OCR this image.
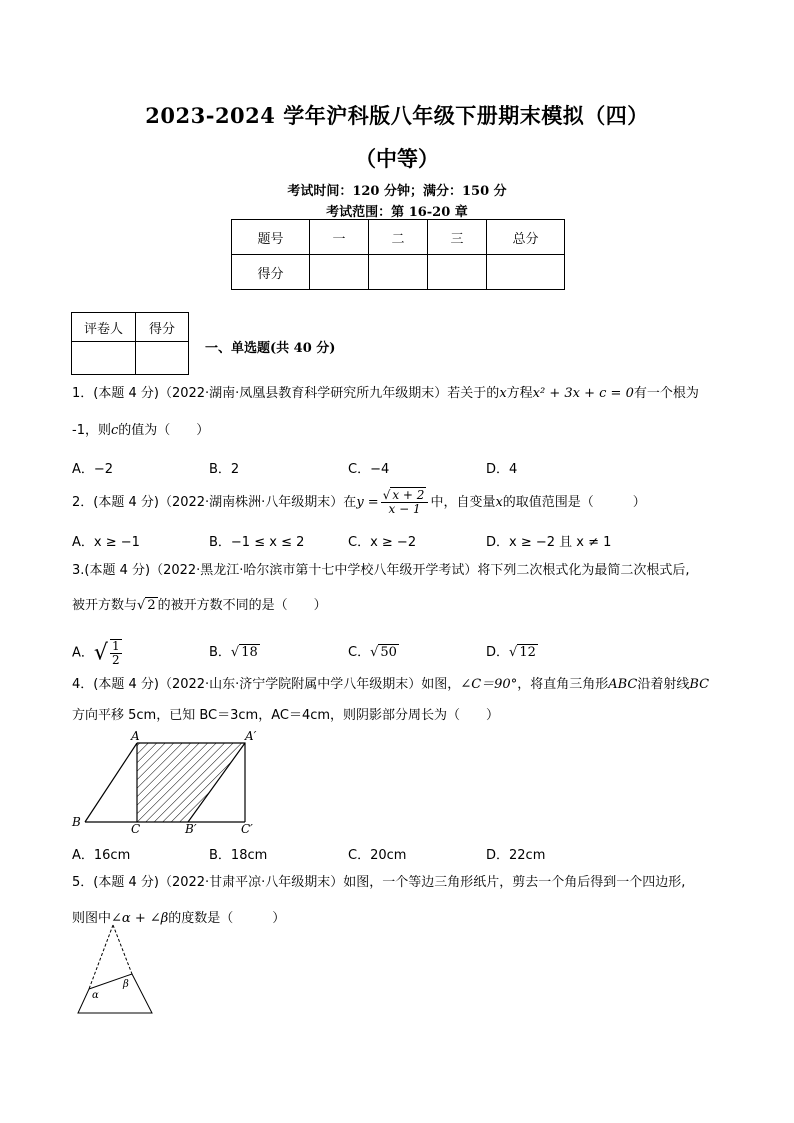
2023-2024 学年沪科版八年级下册期末模拟（四）
（中等）
考试时间：120 分钟；满分：150 分
考试范围：第 16-20 章
题号	一	二	三	总分
得分				
评卷人	得分

一、单选题(共 40 分)
1．(本题 4 分)（2022·湖南·凤凰县教育科学研究所九年级期末）若关于的x方程x² + 3x + c = 0有一个根为
-1，则c的值为（　　）
A．−2	B．2	C．−4	D．4
2．(本题 4 分)（2022·湖南株洲·八年级期末）在$y = \frac{√ x + 2}{x - 1}$ 中，自变量x的取值范围是（　　　）
A．x ≥ −1	B．−1 ≤ x ≤ 2	C．x ≥ −2	D．x ≥ −2 且 x ≠ 1
3.(本题 4 分)（2022·黑龙江·哈尔滨市第十七中学校八年级开学考试）将下列二次根式化为最简二次根式后,
被开方数与√ 2 的被开方数不同的是（　　）
A．√ $\frac{1}{2}$	B．√ 18	C．√ 50	D．√ 12
4．(本题 4 分)（2022·山东·济宁学院附属中学八年级期末）如图，∠C＝90°，将直角三角形ABC沿着射线BC
方向平移 5cm，已知 BC＝3cm，AC＝4cm，则阴影部分周长为（　　）
A	A′
B	C	B′	C′
α
β
A．16cm	B．18cm	C．20cm	D．22cm
5．(本题 4 分)（2022·甘肃平凉·八年级期末）如图，一个等边三角形纸片，剪去一个角后得到一个四边形,
则图中∠α + ∠β的度数是（　　　）
